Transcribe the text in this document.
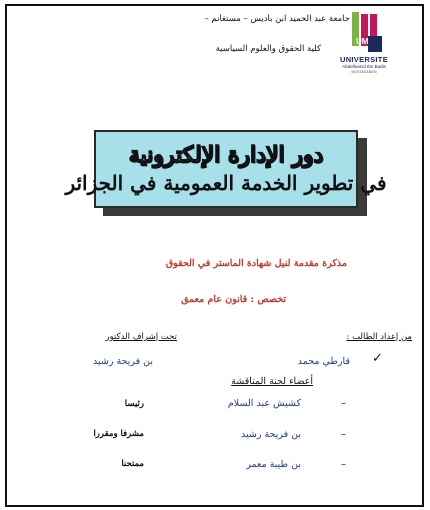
جامعة عبد الحميد ابن باديس – مستغانم –
كلية الحقوق والعلوم السياسية
UM
UNIVERSITE
Abdelhamid Ibn Badis
MOSTAGANEM
دور الإدارة الإلكترونية
في تطوير الخدمة العمومية في الجزائر
مذكرة مقدمة لنيل شهادة الماستر في الحقوق
تخصص : قانون عام معمق
من إعداد الطالب :
تحت إشراف الدكتور
✓
قارطي محمد
بن فريحة رشيد
أعضاء لجنة المناقشة
–
كشيش عبد السلام
رئيسا
–
بن فريحة رشيد
مشرفا ومقررا
–
بن طيبة معمر
ممتحنا
